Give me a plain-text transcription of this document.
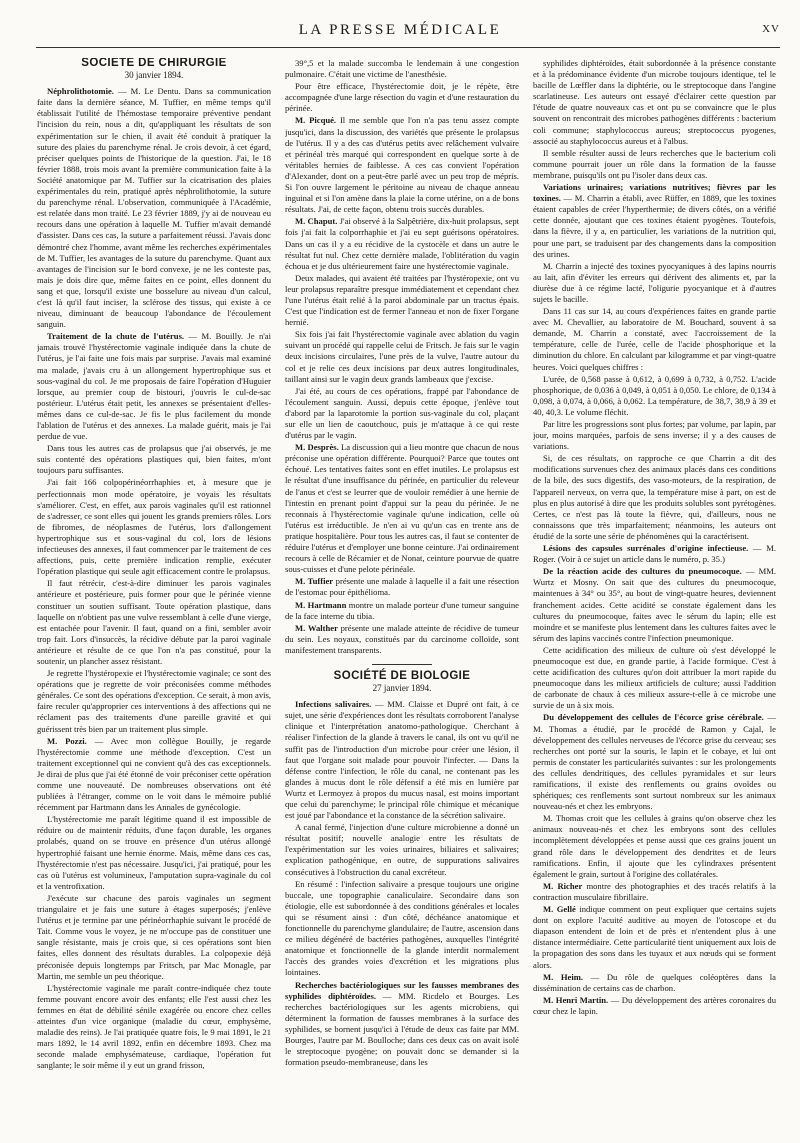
LA PRESSE MÉDICALE	XV
SOCIÉTÉ DE CHIRURGIE
30 janvier 1894.

Néphrolithotomie. — M. Le Dentu. Dans sa communication faite dans la dernière séance, M. Tuffier, en même temps qu'il établissait l'utilité de l'hémostase temporaire préventive pendant l'incision du rein, nous a dit, qu'appliquant les résultats de son expérimentation sur le chien, il avait été conduit à pratiquer la suture des plaies du parenchyme rénal. Je crois devoir, à cet égard, préciser quelques points de l'historique de la question. J'ai, le 18 février 1888, trois mois avant la première communication faite à la Société anatomique par M. Tuffier sur la cicatrisation des plaies expérimentales du rein, pratiqué après néphrolithotomie, la suture du parenchyme rénal. L'observation, communiquée à l'Académie, est relatée dans mon traité. Le 23 février 1889, j'y ai de nouveau eu recours dans une opération à laquelle M. Tuffier m'avait demandé d'assister. Dans ces cas, la suture a parfaitement réussi. J'avais donc démontré chez l'homme, avant même les recherches expérimentales de M. Tuffier, les avantages de la suture du parenchyme. Quant aux avantages de l'incision sur le bord convexe, je ne les conteste pas, mais je dois dire que, même faites en ce point, elles donnent du sang et que, lorsqu'il existe une bosselure au niveau d'un calcul, c'est là qu'il faut inciser, la sclérose des tissus, qui existe à ce niveau, diminuant de beaucoup l'abondance de l'écoulement sanguin.

Traitement de la chute de l'utérus. — M. Bouilly. Je n'ai jamais trouvé l'hystérectomie vaginale indiquée dans la chute de l'utérus, je l'ai faite une fois mais par surprise. J'avais mal examiné ma malade, j'avais cru à un allongement hypertrophique sus et sous-vaginal du col. Je me proposais de faire l'opération d'Huguier lorsque, au premier coup de bistouri, j'ouvris le cul-de-sac postérieur. L'utérus était petit, les annexes se présentaient d'elles-mêmes dans ce cul-de-sac. Je fis le plus facilement du monde l'ablation de l'utérus et des annexes. La malade guérit, mais je l'ai perdue de vue.

Dans tous les autres cas de prolapsus que j'ai observés, je me suis contenté des opérations plastiques qui, bien faites, m'ont toujours paru suffisantes.

J'ai fait 166 colpopérinéorrhaphies et, à mesure que je perfectionnais mon mode opératoire, je voyais les résultats s'améliorer. C'est, en effet, aux parois vaginales qu'il est rationnel de s'adresser, ce sont elles qui jouent les grands premiers rôles. Lors de fibromes, de néoplasmes de l'utérus, lors d'allongement hypertrophique sus et sous-vaginal du col, lors de lésions infectieuses des annexes, il faut commencer par le traitement de ces affections, puis, cette première indication remplie, exécuter l'opération plastique qui seule agit efficacement contre le prolapsus.

Il faut rétrécir, c'est-à-dire diminuer les parois vaginales antérieure et postérieure, puis former pour que le périnée vienne constituer un soutien suffisant. Toute opération plastique, dans laquelle on n'obtient pas une vulve ressemblant à celle d'une vierge, est entachée pour l'avenir. Il faut, quand on a fini, sembler avoir trop fait. Lors d'insuccès, la récidive débute par la paroi vaginale antérieure et résulte de ce que l'on n'a pas constitué, pour la soutenir, un plancher assez résistant.

Je regrette l'hystéropexie et l'hystérectomie vaginale; ce sont des opérations que je regrette de voir préconisées comme méthodes générales. Ce sont des opérations d'exception. Ce serait, à mon avis, faire reculer qu'approprier ces interventions à des affections qui ne réclament pas des traitements d'une pareille gravité et qui guérissent très bien par un traitement plus simple.

M. Pozzi. — Avec mon collègue Bouilly, je regarde l'hystérectomie comme une méthode d'exception. C'est un traitement exceptionnel qui ne convient qu'à des cas exceptionnels. Je dirai de plus que j'ai été étonné de voir préconiser cette opération comme une nouveauté. De nombreuses observations ont été publiées à l'étranger, comme on le voit dans le mémoire publié récemment par Hartmann dans les Annales de gynécologie.

L'hystérectomie me paraît légitime quand il est impossible de réduire ou de maintenir réduits, d'une façon durable, les organes prolabés, quand on se trouve en présence d'un utérus allongé hypertrophié faisant une hernie énorme. Mais, même dans ces cas, l'hystérectomie n'est pas nécessaire. Jusqu'ici, j'ai pratiqué, pour les cas où l'utérus est volumineux, l'amputation supra-vaginale du col et la ventrofixation.

J'exécute sur chacune des parois vaginales un segment triangulaire et je fais une suture à étages superposés; j'enlève l'utérus et je termine par une périnéorrhaphie suivant le procédé de Tait. Comme vous le voyez, je ne m'occupe pas de constituer une sangle résistante, mais je crois que, si ces opérations sont bien faites, elles donnent des résultats durables. La colpopexie déjà préconisée depuis longtemps par Fritsch, par Mac Monagle, par Martin, me semble un peu théorique.

L'hystérectomie vaginale me paraît contre-indiquée chez toute femme pouvant encore avoir des enfants; elle l'est aussi chez les femmes en état de débilité sénile exagérée ou encore chez celles atteintes d'un vice organique (maladie du cœur, emphysème, maladie des reins). Je l'ai pratiquée quatre fois, le 9 mai 1891, le 21 mars 1892, le 14 avril 1892, enfin en décembre 1893. Chez ma seconde malade emphysémateuse, cardiaque, l'opération fut sanglante; le soir même il y eut un grand frisson,

39°,5 et la malade succomba le lendemain à une congestion pulmonaire. C'était une victime de l'anesthésie.

Pour être efficace, l'hystérectomie doit, je le répète, être accompagnée d'une large résection du vagin et d'une restauration du périnée.

M. Picqué. Il me semble que l'on n'a pas tenu assez compte jusqu'ici, dans la discussion, des variétés que présente le prolapsus de l'utérus. Il y a des cas d'utérus petits avec relâchement vulvaire et périnéal très marqué qui correspondent en quelque sorte à de véritables hernies de faiblesse. A ces cas convient l'opération d'Alexander, dont on a peut-être parlé avec un peu trop de mépris. Si l'on ouvre largement le péritoine au niveau de chaque anneau inguinal et si l'on amène dans la plaie la corne utérine, on a de bons résultats. J'ai, de cette façon, obtenu trois succès durables.

M. Chaput. J'ai observé à la Salpêtrière, dix-huit prolapsus, sept fois j'ai fait la colporrhaphie et j'ai eu sept guérisons opératoires. Dans un cas il y a eu récidive de la cystocèle et dans un autre le résultat fut nul. Chez cette dernière malade, l'oblitération du vagin échoua et je dus ultérieurement faire une hystérectomie vaginale.

Deux malades, qui avaient été traitées par l'hystéropexie, ont vu leur prolapsus reparaître presque immédiatement et cependant chez l'une l'utérus était relié à la paroi abdominale par un tractus épais. C'est que l'indication est de fermer l'anneau et non de fixer l'organe hernié.

Six fois j'ai fait l'hystérectomie vaginale avec ablation du vagin suivant un procédé qui rappelle celui de Fritsch. Je fais sur le vagin deux incisions circulaires, l'une près de la vulve, l'autre autour du col et je relie ces deux incisions par deux autres longitudinales, taillant ainsi sur le vagin deux grands lambeaux que j'excise.

J'ai été, au cours de ces opérations, frappé par l'abondance de l'écoulement sanguin. Aussi, depuis cette époque, j'enlève tout d'abord par la laparotomie la portion sus-vaginale du col, plaçant sur elle un lien de caoutchouc, puis je m'attaque à ce qui reste d'utérus par le vagin.

M. Desprès. La discussion qui a lieu montre que chacun de nous préconise une opération différente. Pourquoi? Parce que toutes ont échoué. Les tentatives faites sont en effet inutiles. Le prolapsus est le résultat d'une insuffisance du périnée, en particulier du releveur de l'anus et c'est se leurrer que de vouloir remédier à une hernie de l'intestin en prenant point d'appui sur la peau du périnée. Je ne reconnais à l'hystérectomie vaginale qu'une indication, celle où l'utérus est irréductible. Je n'en ai vu qu'un cas en trente ans de pratique hospitalière. Pour tous les autres cas, il faut se contenter de réduire l'utérus et d'employer une bonne ceinture. J'ai ordinairement recours à celle de Récamier et de Nonat, ceinture pourvue de quatre sous-cuisses et d'une pelote périnéale.

M. Tuffier présente une malade à laquelle il a fait une résection de l'estomac pour épithélioma.

M. Hartmann montre un malade porteur d'une tumeur sanguine de la face interne du tibia.

M. Walther présente une malade atteinte de récidive de tumeur du sein. Les noyaux, constitués par du carcinome colloïde, sont manifestement transparents.

SOCIÉTÉ DE BIOLOGIE
27 janvier 1894.

Infections salivaires. — MM. Claisse et Dupré ont fait, à ce sujet, une série d'expériences dont les résultats corroborent l'analyse clinique et l'interprétation anatomo-pathologique. Cherchant à réaliser l'infection de la glande à travers le canal, ils ont vu qu'il ne suffit pas de l'introduction d'un microbe pour créer une lésion, il faut que l'organe soit malade pour pouvoir l'infecter. — Dans la défense contre l'infection, le rôle du canal, ne contenant pas les glandes à mucus dont le rôle défensif a été mis en lumière par Wurtz et Lermoyez à propos du mucus nasal, est moins important que celui du parenchyme; le principal rôle chimique et mécanique est joué par l'abondance et la constance de la sécrétion salivaire.

A canal fermé, l'injection d'une culture microbienne a donné un résultat positif; nouvelle analogie entre les résultats de l'expérimentation sur les voies urinaires, biliaires et salivaires; explication pathogénique, en outre, de suppurations salivaires consécutives à l'obstruction du canal excréteur.

En résumé : l'infection salivaire a presque toujours une origine buccale, une topographie canaliculaire. Secondaire dans son étiologie, elle est subordonnée à des conditions générales et locales qui se résument ainsi : d'un côté, déchéance anatomique et fonctionnelle du parenchyme glandulaire; de l'autre, ascension dans ce milieu dégénéré de bactéries pathogènes, auxquelles l'intégrité anatomique et fonctionnelle de la glande interdit normalement l'accès des grandes voies d'excrétion et les migrations plus lointaines.

Recherches bactériologiques sur les fausses membranes des syphilides diphtéroïdes. — MM. Ricdelo et Bourges. Les recherches bactériologiques sur les agents microbiens, qui déterminent la formation de fausses membranes à la surface des syphilides, se bornent jusqu'ici à l'étude de deux cas faite par MM. Bourges, l'autre par M. Boulloche; dans ces deux cas on avait isolé le streptocoque pyogène; on pouvait donc se demander si la formation pseudo-membraneuse, dans les

syphilides diphtéroïdes, était subordonnée à la présence constante et à la prédominance évidente d'un microbe toujours identique, tel le bacille de Lœffler dans la diphtérie, ou le streptocoque dans l'angine scarlatineuse. Les auteurs ont essayé d'éclairer cette question par l'étude de quatre nouveaux cas et ont pu se convaincre que le plus souvent on rencontrait des microbes pathogènes différents : bacterium coli commune; staphylococcus aureus; streptococcus pyogenes, associé au staphylococcus aureus et à l'albus.

Il semble résulter aussi de leurs recherches que le bacterium coli commune pourrait jouer un rôle dans la formation de la fausse membrane, puisqu'ils ont pu l'isoler dans deux cas.

Variations urinaires; variations nutritives; fièvres par les toxines. — M. Charrin a établi, avec Rüffer, en 1889, que les toxines étaient capables de créer l'hyperthermie; de divers côtés, on a vérifié cette donnée, ajoutant que ces toxines étaient pyogènes. Toutefois, dans la fièvre, il y a, en particulier, les variations de la nutrition qui, pour une part, se traduisent par des changements dans la composition des urines.

M. Charrin a injecté des toxines pyocyaniques à des lapins nourris au lait, afin d'éviter les erreurs qui dérivent des aliments et, par la diurèse due à ce régime lacté, l'oligurie pyocyanique et à d'autres sujets le bacille.

Dans 11 cas sur 14, au cours d'expériences faites en grande partie avec M. Chevallier, au laboratoire de M. Bouchard, souvent à sa demande, M. Charrin a constaté, avec l'accroissement de la température, celle de l'urée, celle de l'acide phosphorique et la diminution du chlore. En calculant par kilogramme et par vingt-quatre heures. Voici quelques chiffres :

L'urée, de 0,568 passe à 0,612, à 0,699 à 0,732, à 0,752. L'acide phosphorique, de 0,036 à 0,049, à 0,051 à 0,050. Le chlore, de 0,134 à 0,098, à 0,074, à 0,066, à 0,062. La température, de 38,7, 38,9 à 39 et 40, 40,3. Le volume fléchit.

Par litre les progressions sont plus fortes; par volume, par lapin, par jour, moins marquées, parfois de sens inverse; il y a des causes de variations.

Si, de ces résultats, on rapproche ce que Charrin a dit des modifications survenues chez des animaux placés dans ces conditions de la bile, des sucs digestifs, des vaso-moteurs, de la respiration, de l'appareil nerveux, on verra que, la température mise à part, on est de plus en plus autorisé à dire que les produits solubles sont pyrétogènes. Certes, ce n'est pas là toute la fièvre, qui, d'ailleurs, nous ne connaissons que très imparfaitement; néanmoins, les auteurs ont étudié de la sorte une série de phénomènes qui la caractérisent.

Lésions des capsules surrénales d'origine infectieuse. — M. Roger. (Voir à ce sujet un article dans le numéro, p. 35.)

De la réaction acide des cultures du pneumocoque. — MM. Wurtz et Mosny. On sait que des cultures du pneumocoque, maintenues à 34° ou 35°, au bout de vingt-quatre heures, deviennent franchement acides. Cette acidité se constate également dans les cultures du pneumocoque, faites avec le sérum du lapin; elle est moindre et se manifeste plus lentement dans les cultures faites avec le sérum des lapins vaccinés contre l'infection pneumonique.

Cette acidification des milieux de culture où s'est développé le pneumocoque est due, en grande partie, à l'acide formique. C'est à cette acidification des cultures qu'on doit attribuer la mort rapide du pneumocoque dans les milieux artificiels de culture; aussi l'addition de carbonate de chaux à ces milieux assure-t-elle à ce microbe une survie de un à six mois.

Du développement des cellules de l'écorce grise cérébrale. — M. Thomas a étudié, par le procédé de Ramon y Cajal, le développement des cellules nerveuses de l'écorce grise du cerveau; ses recherches ont porté sur la souris, le lapin et le cobaye, et lui ont permis de constater les particularités suivantes : sur les prolongements des cellules dendritiques, des cellules pyramidales et sur leurs ramifications, il existe des renflements ou grains ovoïdes ou sphériques; ces renflements sont surtout nombreux sur les animaux nouveau-nés et chez les embryons.

M. Thomas croit que les cellules à grains qu'on observe chez les animaux nouveau-nés et chez les embryons sont des cellules incomplètement développées et pense aussi que ces grains jouent un grand rôle dans le développement des dendrites et de leurs ramifications. Enfin, il ajoute que les cylindraxes présentent également le grain, surtout à l'origine des collatérales.

M. Richer montre des photographies et des tracés relatifs à la contraction musculaire fibrillaire.

M. Gellé indique comment on peut expliquer que certains sujets dont on explore l'acuité auditive au moyen de l'otoscope et du diapason entendent de loin et de près et n'entendent plus à une distance intermédiaire. Cette particularité tient uniquement aux lois de la propagation des sons dans les tuyaux et aux nœuds qui se forment alors.

M. Heim. — Du rôle de quelques coléoptères dans la dissémination de certains cas de charbon.

M. Henri Martin. — Du développement des artères coronaires du cœur chez le lapin.
